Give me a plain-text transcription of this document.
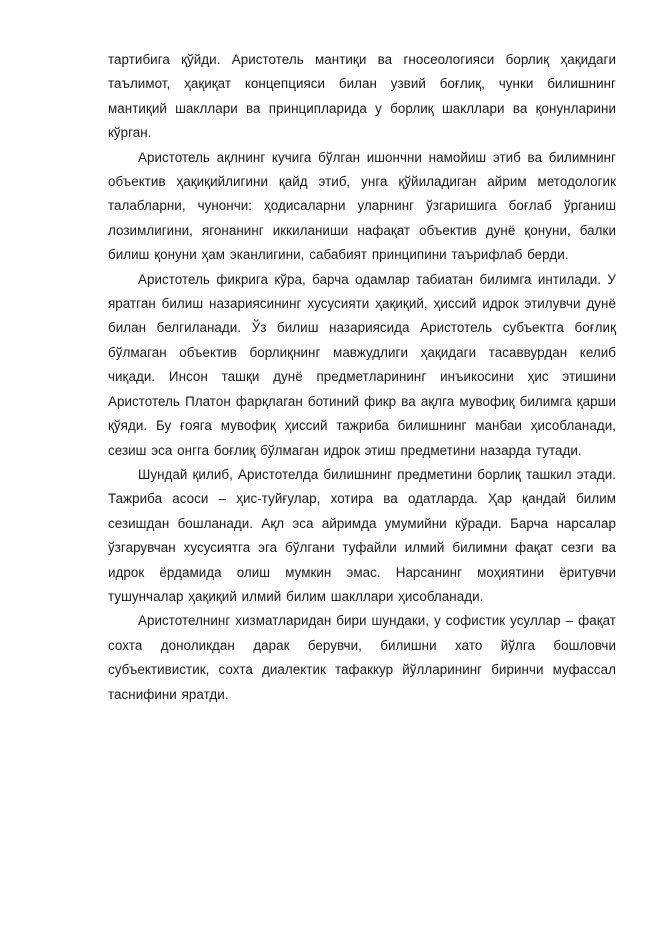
тартибига қўйди. Аристотель мантиқи ва гносеологияси борлиқ ҳақидаги таълимот, ҳақиқат концепцияси билан узвий боғлиқ, чунки билишнинг мантиқий шакллари ва принципларида у борлиқ шакллари ва қонунларини кўрган.

Аристотель ақлнинг кучига бўлган ишончни намойиш этиб ва билимнинг объектив ҳақиқийлигини қайд этиб, унга қўйиладиган айрим методологик талабларни, чунончи: ҳодисаларни уларнинг ўзгаришига боғлаб ўрганиш лозимлигини, ягонанинг иккиланиши нафақат объектив дунё қонуни, балки билиш қонуни ҳам эканлигини, сабабият принципини таърифлаб берди.

Аристотель фикрига кўра, барча одамлар табиатан билимга интилади. У яратган билиш назариясининг хусусияти ҳақиқий, ҳиссий идрок этилувчи дунё билан белгиланади. Ўз билиш назариясида Аристотель субъектга боғлиқ бўлмаган объектив борлиқнинг мавжудлиги ҳақидаги тасаввурдан келиб чиқади. Инсон ташқи дунё предметларининг инъикосини ҳис этишини Аристотель Платон фарқлаган ботиний фикр ва ақлга мувофиқ билимга қарши қўяди. Бу ғояга мувофиқ ҳиссий тажриба билишнинг манбаи ҳисобланади, сезиш эса онгга боғлиқ бўлмаган идрок этиш предметини назарда тутади.

Шундай қилиб, Аристотелда билишнинг предметини борлиқ ташкил этади. Тажриба асоси – ҳис-туйғулар, хотира ва одатларда. Ҳар қандай билим сезишдан бошланади. Ақл эса айримда умумийни кўради. Барча нарсалар ўзгарувчан хусусиятга эга бўлгани туфайли илмий билимни фақат сезги ва идрок ёрдамида олиш мумкин эмас. Нарсанинг моҳиятини ёритувчи тушунчалар ҳақиқий илмий билим шакллари ҳисобланади.

Аристотелнинг хизматларидан бири шундаки, у софистик усуллар – фақат сохта доноликдан дарак берувчи, билишни хато йўлга бошловчи субъективистик, сохта диалектик тафаккур йўлларининг биринчи муфассал таснифини яратди.
